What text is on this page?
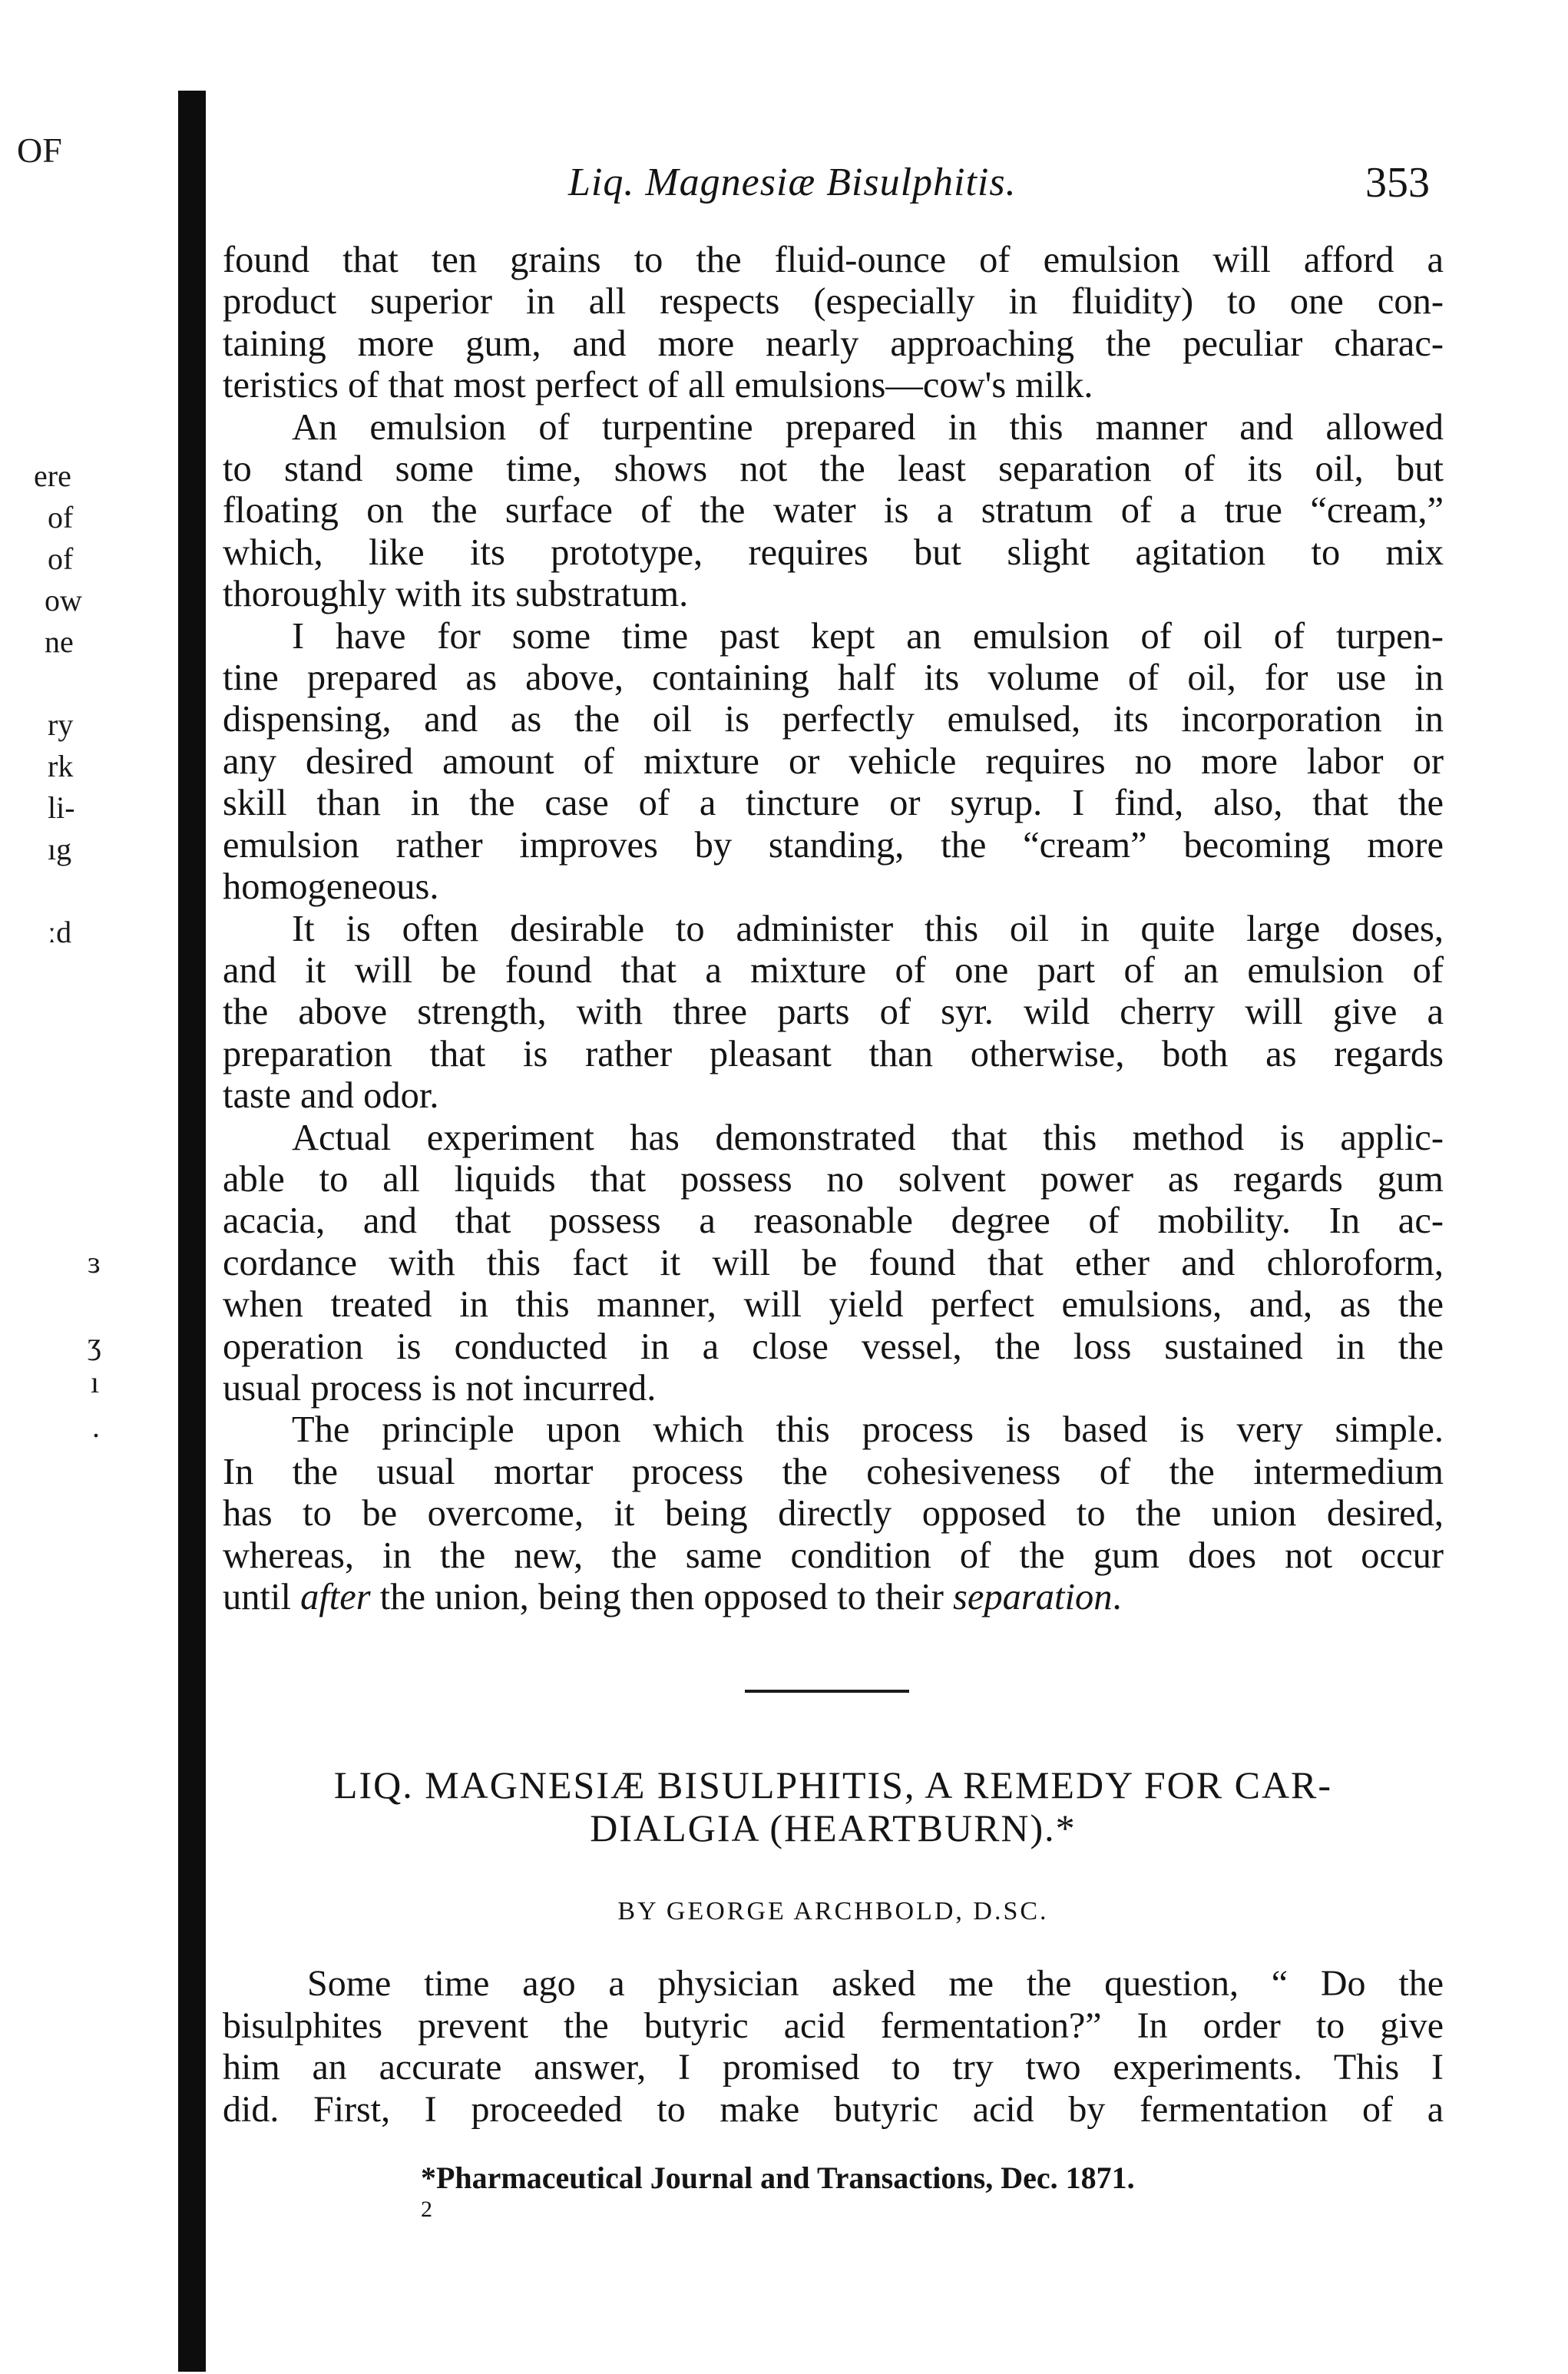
OF
ere
of
of
ow
ne
ry
rk
li-
ıg
ːd
ɜ
ʒ
ı
.
Liq. Magnesiæ Bisulphitis.	353

found that ten grains to the fluid-ounce of emulsion will afford a
product superior in all respects (especially in fluidity) to one con-
taining more gum, and more nearly approaching the peculiar charac-
teristics of that most perfect of all emulsions—cow's milk.

An emulsion of turpentine prepared in this manner and allowed
to stand some time, shows not the least separation of its oil, but
floating on the surface of the water is a stratum of a true “cream,”
which, like its prototype, requires but slight agitation to mix
thoroughly with its substratum.

I have for some time past kept an emulsion of oil of turpen-
tine prepared as above, containing half its volume of oil, for use in
dispensing, and as the oil is perfectly emulsed, its incorporation in
any desired amount of mixture or vehicle requires no more labor or
skill than in the case of a tincture or syrup. I find, also, that the
emulsion rather improves by standing, the “cream” becoming more
homogeneous.

It is often desirable to administer this oil in quite large doses,
and it will be found that a mixture of one part of an emulsion of
the above strength, with three parts of syr. wild cherry will give a
preparation that is rather pleasant than otherwise, both as regards
taste and odor.

Actual experiment has demonstrated that this method is applic-
able to all liquids that possess no solvent power as regards gum
acacia, and that possess a reasonable degree of mobility. In ac-
cordance with this fact it will be found that ether and chloroform,
when treated in this manner, will yield perfect emulsions, and, as the
operation is conducted in a close vessel, the loss sustained in the
usual process is not incurred.

The principle upon which this process is based is very simple.
In the usual mortar process the cohesiveness of the intermedium
has to be overcome, it being directly opposed to the union desired,
whereas, in the new, the same condition of the gum does not occur
until after the union, being then opposed to their separation.

LIQ. MAGNESIÆ BISULPHITIS, A REMEDY FOR CAR-
DIALGIA (HEARTBURN).*
BY GEORGE ARCHBOLD, D.SC.

Some time ago a physician asked me the question, “ Do the
bisulphites prevent the butyric acid fermentation?” In order to give
him an accurate answer, I promised to try two experiments. This I
did. First, I proceeded to make butyric acid by fermentation of a

*Pharmaceutical Journal and Transactions, Dec. 1871.
2
